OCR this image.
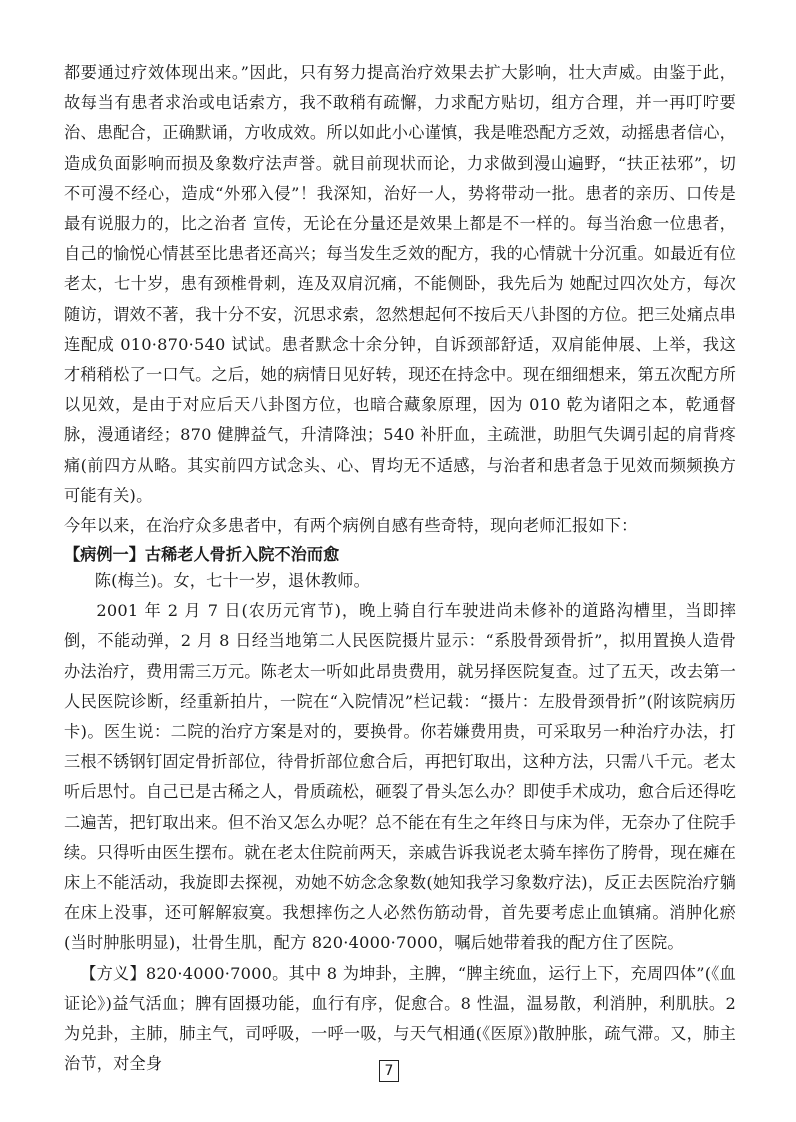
都要通过疗效体现出来。”因此，只有努力提高治疗效果去扩大影响，壮大声威。由鉴于此，故每当有患者求治或电话索方，我不敢稍有疏懈，力求配方贴切，组方合理，并一再叮咛要治、患配合，正确默诵，方收成效。所以如此小心谨慎，我是唯恐配方乏效，动摇患者信心，造成负面影响而损及象数疗法声誉。就目前现状而论，力求做到漫山遍野，“扶正祛邪”，切不可漫不经心，造成“外邪入侵”！我深知，治好一人，势将带动一批。患者的亲历、口传是最有说服力的，比之治者 宣传，无论在分量还是效果上都是不一样的。每当治愈一位患者，自己的愉悦心情甚至比患者还高兴；每当发生乏效的配方，我的心情就十分沉重。如最近有位老太，七十岁，患有颈椎骨刺，连及双肩沉痛，不能侧卧，我先后为 她配过四次处方，每次随访，谓效不著，我十分不安，沉思求索，忽然想起何不按后天八卦图的方位。把三处痛点串连配成 010·870·540 试试。患者默念十余分钟，自诉颈部舒适，双肩能伸展、上举，我这才稍稍松了一口气。之后，她的病情日见好转，现还在持念中。现在细细想来，第五次配方所以见效，是由于对应后天八卦图方位，也暗合藏象原理，因为 010 乾为诸阳之本，乾通督脉，漫通诸经；870 健脾益气，升清降浊；540 补肝血，主疏泄，助胆气失调引起的肩背疼痛(前四方从略。其实前四方试念头、心、胃均无不适感，与治者和患者急于见效而频频换方可能有关)。

今年以来，在治疗众多患者中，有两个病例自感有些奇特，现向老师汇报如下：

【病例一】古稀老人骨折入院不治而愈

陈(梅兰)。女，七十一岁，退休教师。

2001 年 2 月 7 日(农历元宵节)，晚上骑自行车驶进尚未修补的道路沟槽里，当即摔倒，不能动弹，2 月 8 日经当地第二人民医院摄片显示：“系股骨颈骨折”，拟用置换人造骨办法治疗，费用需三万元。陈老太一听如此昂贵费用，就另择医院复查。过了五天，改去第一人民医院诊断，经重新拍片，一院在“入院情况”栏记载：“摄片：左股骨颈骨折”(附该院病历卡)。医生说：二院的治疗方案是对的，要换骨。你若嫌费用贵，可采取另一种治疗办法，打三根不锈钢钉固定骨折部位，待骨折部位愈合后，再把钉取出，这种方法，只需八千元。老太听后思忖。自己已是古稀之人，骨质疏松，砸裂了骨头怎么办？即使手术成功，愈合后还得吃二遍苦，把钉取出来。但不治又怎么办呢？总不能在有生之年终日与床为伴，无奈办了住院手续。只得听由医生摆布。就在老太住院前两天，亲戚告诉我说老太骑车摔伤了胯骨，现在瘫在床上不能活动，我旋即去探视，劝她不妨念念象数(她知我学习象数疗法)，反正去医院治疗躺在床上没事，还可解解寂寞。我想摔伤之人必然伤筋动骨，首先要考虑止血镇痛。消肿化瘀(当时肿胀明显)，壮骨生肌，配方 820·4000·7000，嘱后她带着我的配方住了医院。

【方义】820·4000·7000。其中 8 为坤卦，主脾，“脾主统血，运行上下，充周四体”(《血证论》)益气活血；脾有固摄功能，血行有序，促愈合。8 性温，温易散，利消肿，利肌肤。2 为兑卦，主肺，肺主气，司呼吸，一呼一吸，与天气相通(《医原》)散肿胀，疏气滞。又，肺主治节，对全身	7
